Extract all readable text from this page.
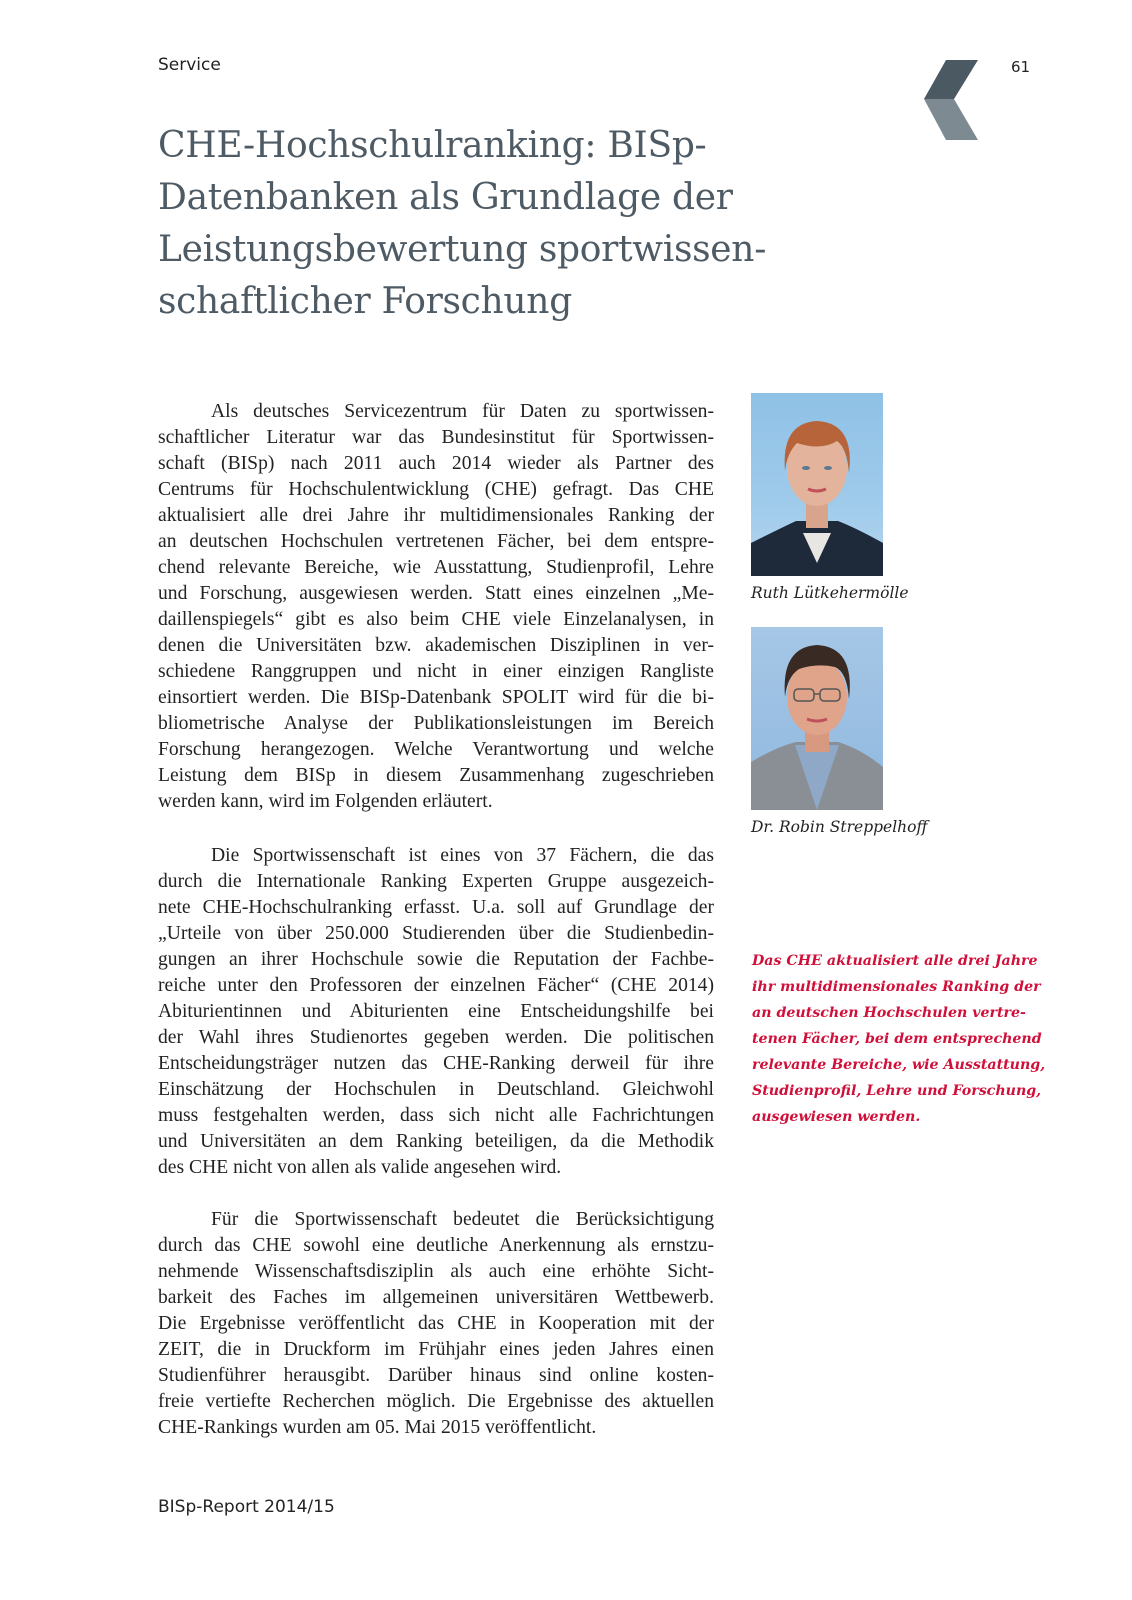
Service	61
CHE-Hochschulranking: BISp-
Datenbanken als Grundlage der
Leistungsbewertung sportwissen-
schaftlicher Forschung
Als deutsches Servicezentrum für Daten zu sportwissen-
schaftlicher Literatur war das Bundesinstitut für Sportwissen-
schaft (BISp) nach 2011 auch 2014 wieder als Partner des
Centrums für Hochschulentwicklung (CHE) gefragt. Das CHE
aktualisiert alle drei Jahre ihr multidimensionales Ranking der
an deutschen Hochschulen vertretenen Fächer, bei dem entspre-
chend relevante Bereiche, wie Ausstattung, Studienprofil, Lehre
und Forschung, ausgewiesen werden. Statt eines einzelnen „Me-
daillenspiegels“ gibt es also beim CHE viele Einzelanalysen, in
denen die Universitäten bzw. akademischen Disziplinen in ver-
schiedene Ranggruppen und nicht in einer einzigen Rangliste
einsortiert werden. Die BISp-Datenbank SPOLIT wird für die bi-
bliometrische Analyse der Publikationsleistungen im Bereich
Forschung herangezogen. Welche Verantwortung und welche
Leistung dem BISp in diesem Zusammenhang zugeschrieben
werden kann, wird im Folgenden erläutert.
Die Sportwissenschaft ist eines von 37 Fächern, die das
durch die Internationale Ranking Experten Gruppe ausgezeich-
nete CHE-Hochschulranking erfasst. U.a. soll auf Grundlage der
„Urteile von über 250.000 Studierenden über die Studienbedin-
gungen an ihrer Hochschule sowie die Reputation der Fachbe-
reiche unter den Professoren der einzelnen Fächer“ (CHE 2014)
Abiturientinnen und Abiturienten eine Entscheidungshilfe bei
der Wahl ihres Studienortes gegeben werden. Die politischen
Entscheidungsträger nutzen das CHE-Ranking derweil für ihre
Einschätzung der Hochschulen in Deutschland. Gleichwohl
muss festgehalten werden, dass sich nicht alle Fachrichtungen
und Universitäten an dem Ranking beteiligen, da die Methodik
des CHE nicht von allen als valide angesehen wird.
Für die Sportwissenschaft bedeutet die Berücksichtigung
durch das CHE sowohl eine deutliche Anerkennung als ernstzu-
nehmende Wissenschaftsdisziplin als auch eine erhöhte Sicht-
barkeit des Faches im allgemeinen universitären Wettbewerb.
Die Ergebnisse veröffentlicht das CHE in Kooperation mit der
ZEIT, die in Druckform im Frühjahr eines jeden Jahres einen
Studienführer herausgibt. Darüber hinaus sind online kosten-
freie vertiefte Recherchen möglich. Die Ergebnisse des aktuellen
CHE-Rankings wurden am 05. Mai 2015 veröffentlicht.
Ruth Lütkehermölle
Dr. Robin Streppelhoff
Das CHE aktualisiert alle drei Jahre
ihr multidimensionales Ranking der
an deutschen Hochschulen vertre-
tenen Fächer, bei dem entsprechend
relevante Bereiche, wie Ausstattung,
Studienprofil, Lehre und Forschung,
ausgewiesen werden.
BISp-Report 2014/15
